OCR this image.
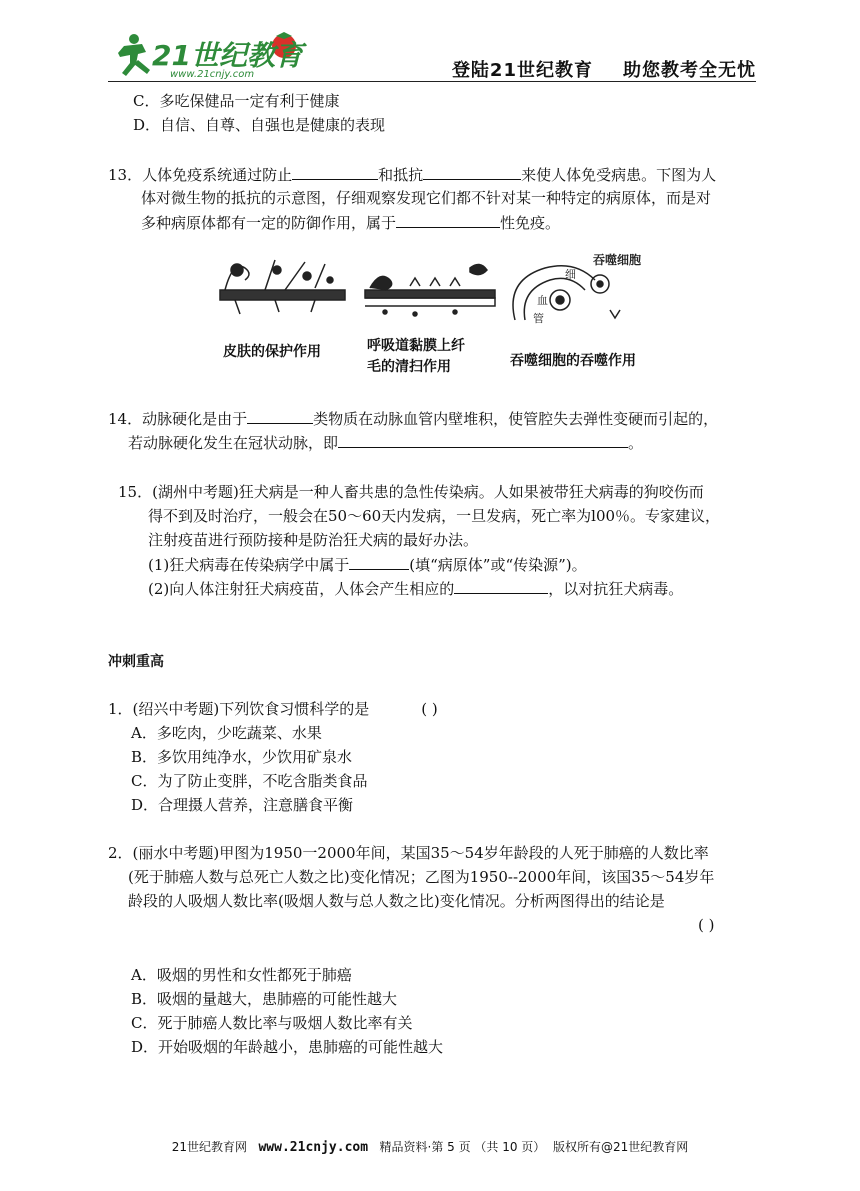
21世纪教育
www.21cnjy.com	登陆21世纪教育 助您教考全无忧
C．多吃保健品一定有利于健康
D．自信、自尊、自强也是健康的表现
13．人体免疫系统通过防止	和抵抗	来使人体免受病患。下图为人
体对微生物的抵抗的示意图，仔细观察发现它们都不针对某一种特定的病原体，而是对
多种病原体都有一定的防御作用，属于	性免疫。
细
血
管
吞噬细胞
皮肤的保护作用	呼吸道黏膜上纤
毛的清扫作用	吞噬细胞的吞噬作用
14．动脉硬化是由于	类物质在动脉血管内壁堆积，使管腔失去弹性变硬而引起的，
若动脉硬化发生在冠状动脉，即	。
15．(湖州中考题)狂犬病是一种人畜共患的急性传染病。人如果被带狂犬病毒的狗咬伤而
得不到及时治疗，一般会在50～60天内发病，一旦发病，死亡率为l00％。专家建议，
注射疫苗进行预防接种是防治狂犬病的最好办法。
(1)狂犬病毒在传染病学中属于	(填“病原体”或“传染源”)。
(2)向人体注射狂犬病疫苗，人体会产生相应的	，以对抗狂犬病毒。
冲刺重高
1．(绍兴中考题)下列饮食习惯科学的是	( )
A．多吃肉，少吃蔬菜、水果
B．多饮用纯净水，少饮用矿泉水
C．为了防止变胖，不吃含脂类食品
D．合理摄人营养，注意膳食平衡
2．(丽水中考题)甲图为1950一2000年间，某国35～54岁年龄段的人死于肺癌的人数比率
(死于肺癌人数与总死亡人数之比)变化情况；乙图为1950--2000年间，该国35～54岁年
龄段的人吸烟人数比率(吸烟人数与总人数之比)变化情况。分析两图得出的结论是
( )
A．吸烟的男性和女性都死于肺癌
B．吸烟的量越大，患肺癌的可能性越大
C．死于肺癌人数比率与吸烟人数比率有关
D．开始吸烟的年龄越小，患肺癌的可能性越大
21世纪教育网 www.21cnjy.com 精品资料·第 5 页 （共 10 页） 版权所有@21世纪教育网
